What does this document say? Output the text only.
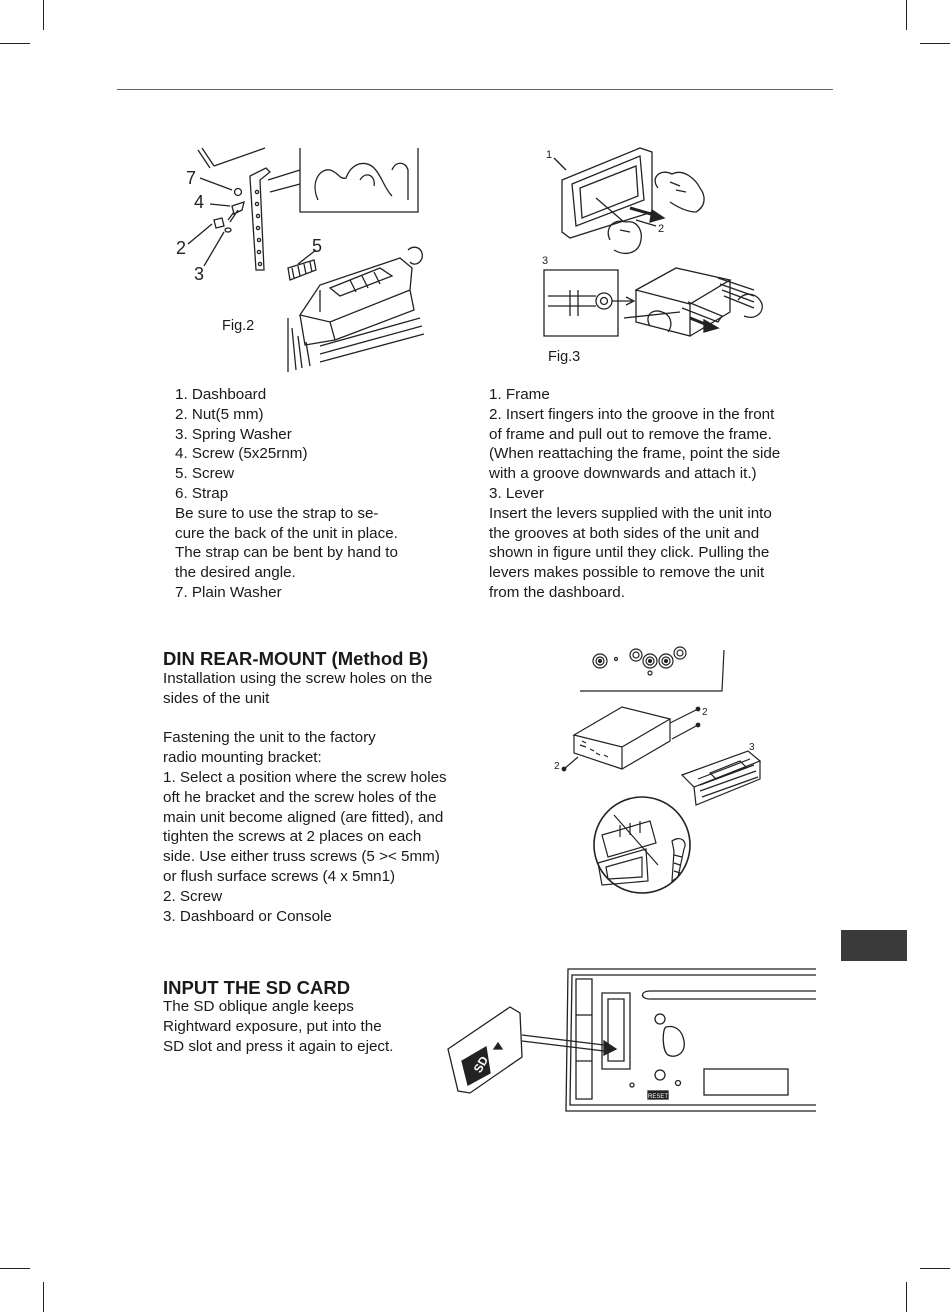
7
4
2
3
5
Fig.2
1. Dashboard
2. Nut(5 mm)
3. Spring Washer
4. Screw (5x25rnm)
5. Screw
6. Strap
Be sure to use the strap to se-
cure the back of the unit in place.
The strap can be bent by hand to
the desired angle.
7. Plain Washer
1
2
3
Fig.3
1. Frame
2. Insert fingers into the groove in the front
of frame and pull out to remove the frame.
(When reattaching the frame, point the side
with a groove downwards and attach it.)
3. Lever
Insert the levers supplied with the unit into
the grooves at both sides of the unit and
shown in figure until they click. Pulling the
levers makes possible to remove the unit
from the dashboard.
DIN REAR-MOUNT (Method B)
Installation using the screw holes on the
sides of the unit
Fastening the unit to the factory
radio mounting bracket:
1. Select a position where the screw holes
oft he bracket and the screw holes of the
main unit become aligned (are fitted), and
tighten the screws at 2 places on each
side. Use either truss screws (5 >< 5mm)
or flush surface screws (4 x 5mn1)
2. Screw
3. Dashboard or Console
2
2
3
INPUT THE SD CARD
The SD oblique angle keeps
Rightward exposure, put into the
SD slot and press it again to eject.
SD
RESET
